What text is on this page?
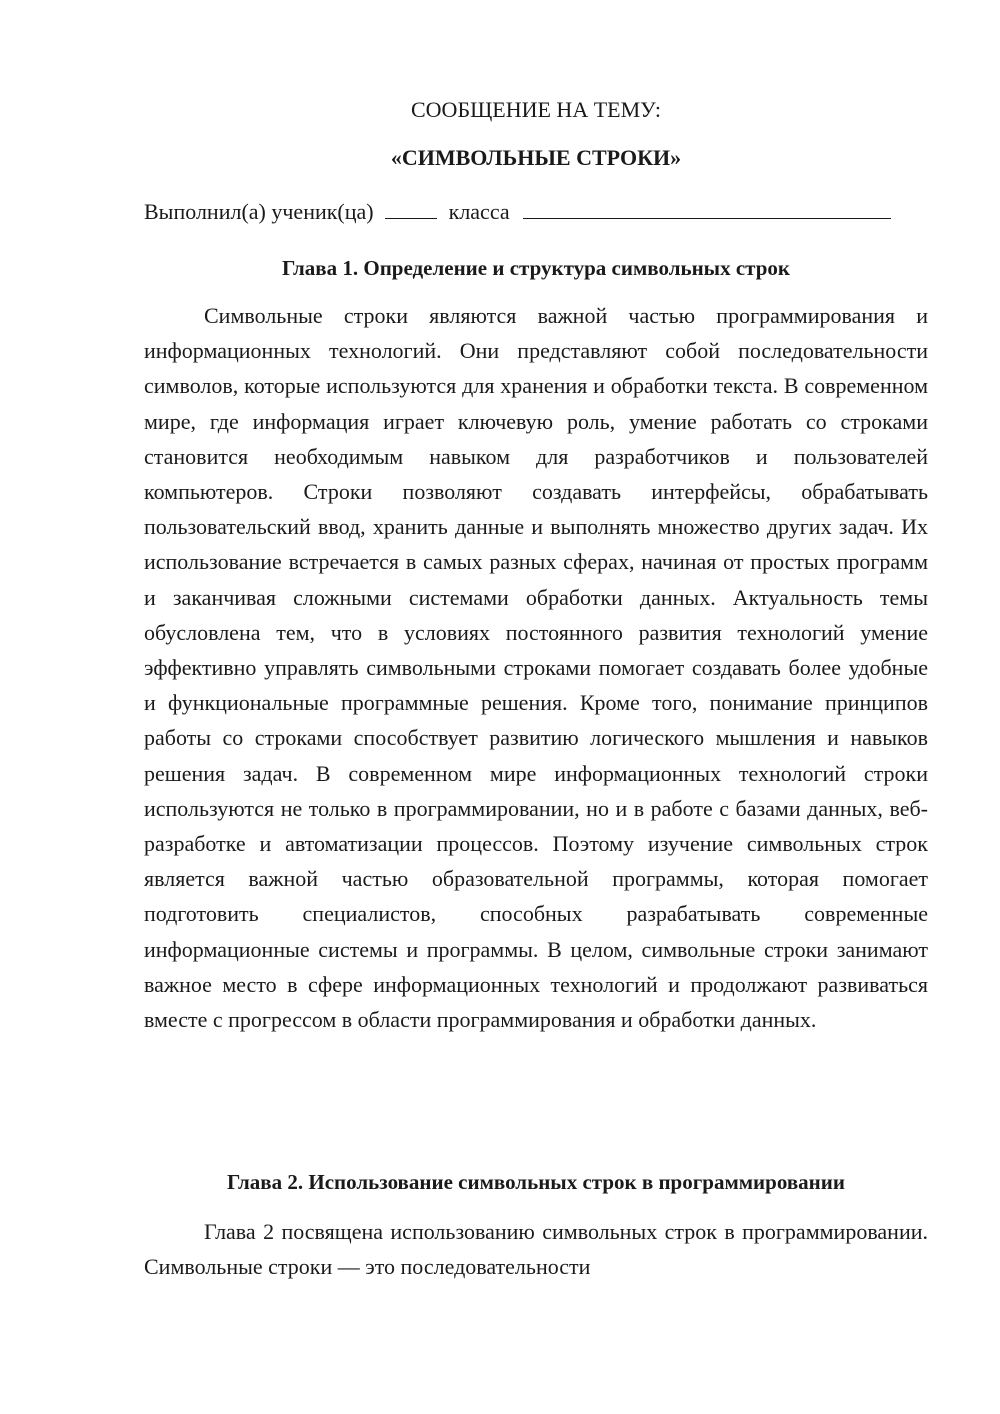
СООБЩЕНИЕ НА ТЕМУ:
«СИМВОЛЬНЫЕ СТРОКИ»
Выполнил(а) ученик(ца)	класса
Глава 1. Определение и структура символьных строк

Символьные строки являются важной частью программирования и информационных технологий. Они представляют собой последовательности символов, которые используются для хранения и обработки текста. В современном мире, где информация играет ключевую роль, умение работать со строками становится необходимым навыком для разработчиков и пользователей компьютеров. Строки позволяют создавать интерфейсы, обрабатывать пользовательский ввод, хранить данные и выполнять множество других задач. Их использование встречается в самых разных сферах, начиная от простых программ и заканчивая сложными системами обработки данных. Актуальность темы обусловлена тем, что в условиях постоянного развития технологий умение эффективно управлять символьными строками помогает создавать более удобные и функциональные программные решения. Кроме того, понимание принципов работы со строками способствует развитию логического мышления и навыков решения задач. В современном мире информационных технологий строки используются не только в программировании, но и в работе с базами данных, веб-разработке и автоматизации процессов. Поэтому изучение символьных строк является важной частью образовательной программы, которая помогает подготовить специалистов, способных разрабатывать современные информационные системы и программы. В целом, символьные строки занимают важное место в сфере информационных технологий и продолжают развиваться вместе с прогрессом в области программирования и обработки данных.

Глава 2. Использование символьных строк в программировании

Глава 2 посвящена использованию символьных строк в программировании. Символьные строки — это последовательности
